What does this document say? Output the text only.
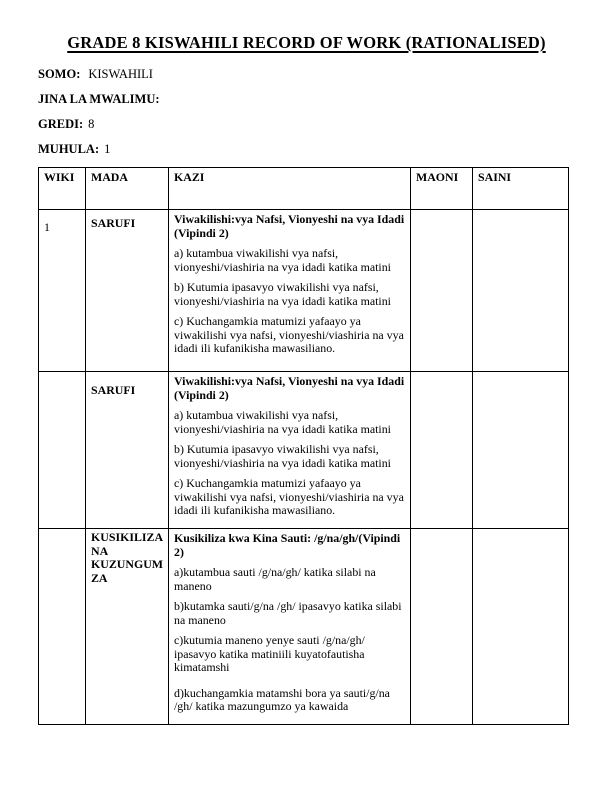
GRADE 8 KISWAHILI RECORD OF WORK (RATIONALISED)

SOMO: KISWAHILI

JINA LA MWALIMU:

GREDI: 8

MUHULA: 1

WIKI	MADA	KAZI	MAONI	SAINI

1	SARUFI	Viwakilishi:vya Nafsi, Vionyeshi na vya Idadi (Vipindi 2)

a) kutambua viwakilishi vya nafsi, vionyeshi/viashiria na vya idadi katika matini

b) Kutumia ipasavyo viwakilishi vya nafsi, vionyeshi/viashiria na vya idadi katika matini

c) Kuchangamkia matumizi yafaayo ya viwakilishi vya nafsi, vionyeshi/viashiria na vya idadi ili kufanikisha mawasiliano.		

	SARUFI	Viwakilishi:vya Nafsi, Vionyeshi na vya Idadi (Vipindi 2)

a) kutambua viwakilishi vya nafsi, vionyeshi/viashiria na vya idadi katika matini

b) Kutumia ipasavyo viwakilishi vya nafsi, vionyeshi/viashiria na vya idadi katika matini

c) Kuchangamkia matumizi yafaayo ya viwakilishi vya nafsi, vionyeshi/viashiria na vya idadi ili kufanikisha mawasiliano.		

	KUSIKILIZA NA KUZUNGUMZA	Kusikiliza kwa Kina Sauti: /g/na/gh/(Vipindi 2)

a)kutambua sauti /g/na/gh/ katika silabi na maneno

b)kutamka sauti/g/na /gh/ ipasavyo katika silabi na maneno

c)kutumia maneno yenye sauti /g/na/gh/ ipasavyo katika matiniili kuyatofautisha kimatamshi

d)kuchangamkia matamshi bora ya sauti/g/na /gh/ katika mazungumzo ya kawaida		
